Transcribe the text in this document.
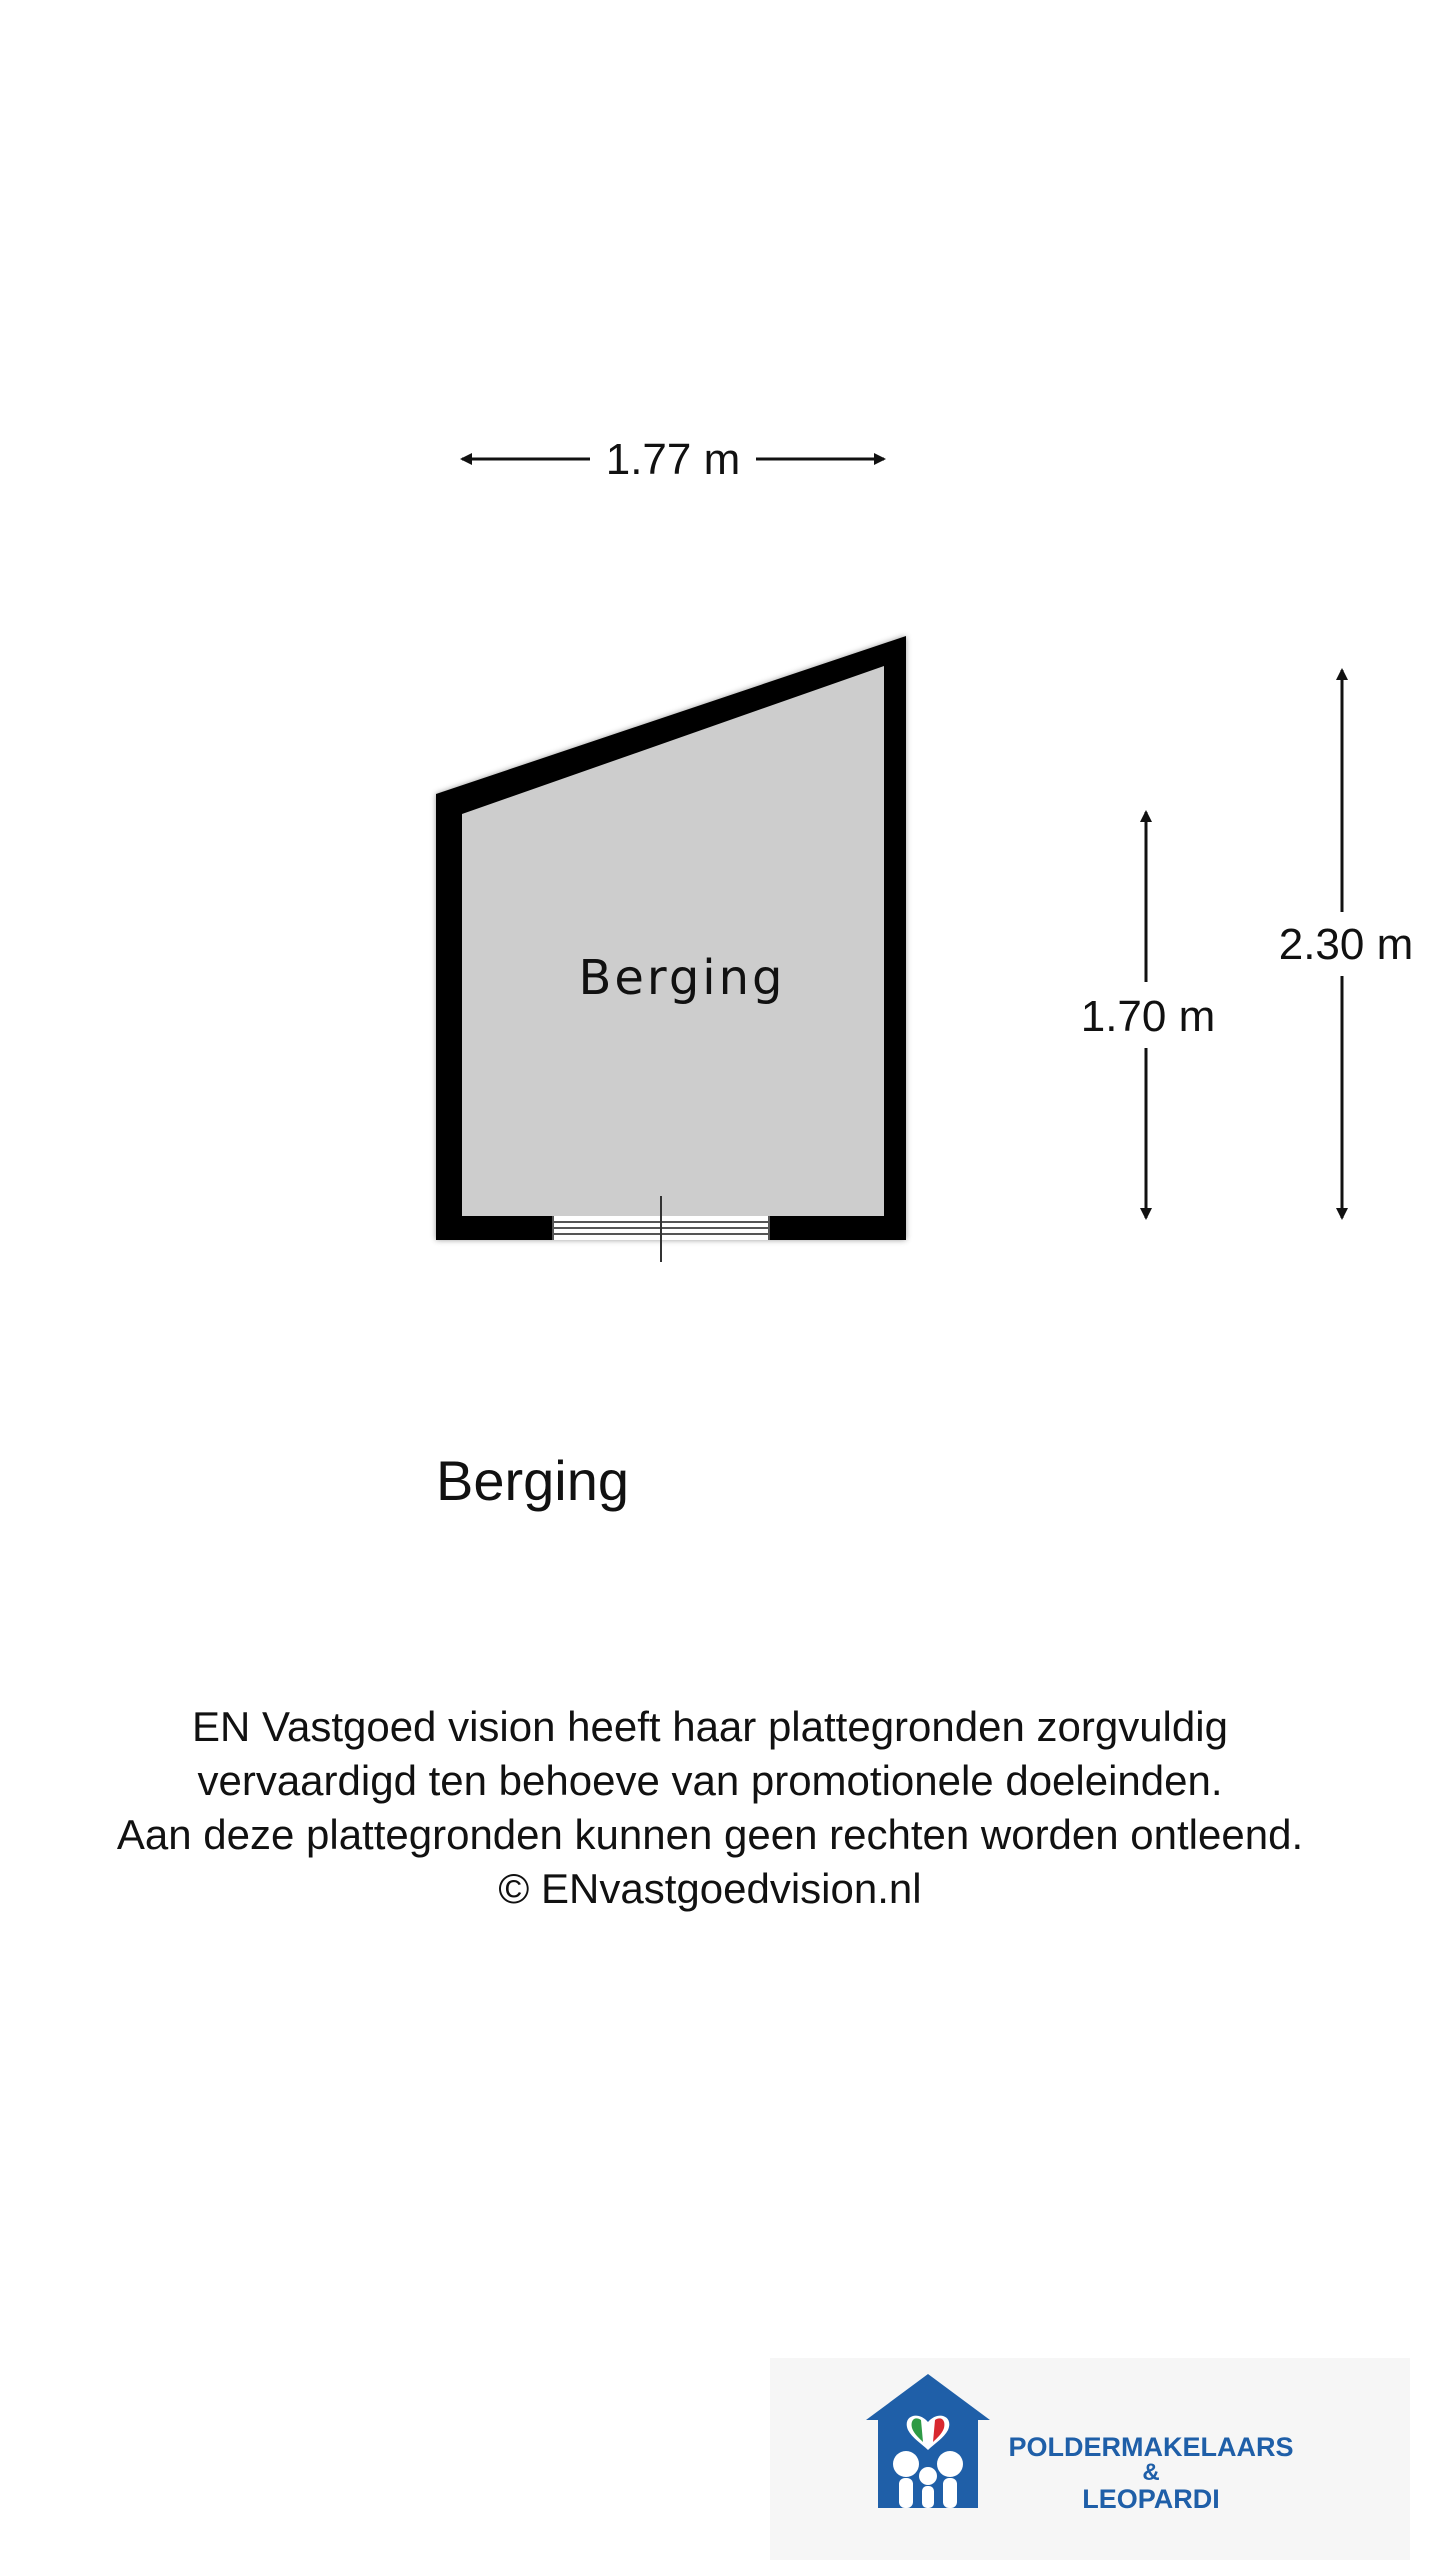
1.77 m
Berging
1.70 m
2.30 m
Berging
EN Vastgoed vision heeft haar plattegronden zorgvuldig
vervaardigd ten behoeve van promotionele doeleinden.
Aan deze plattegronden kunnen geen rechten worden ontleend.
© ENvastgoedvision.nl
POLDERMAKELAARS
&
LEOPARDI
